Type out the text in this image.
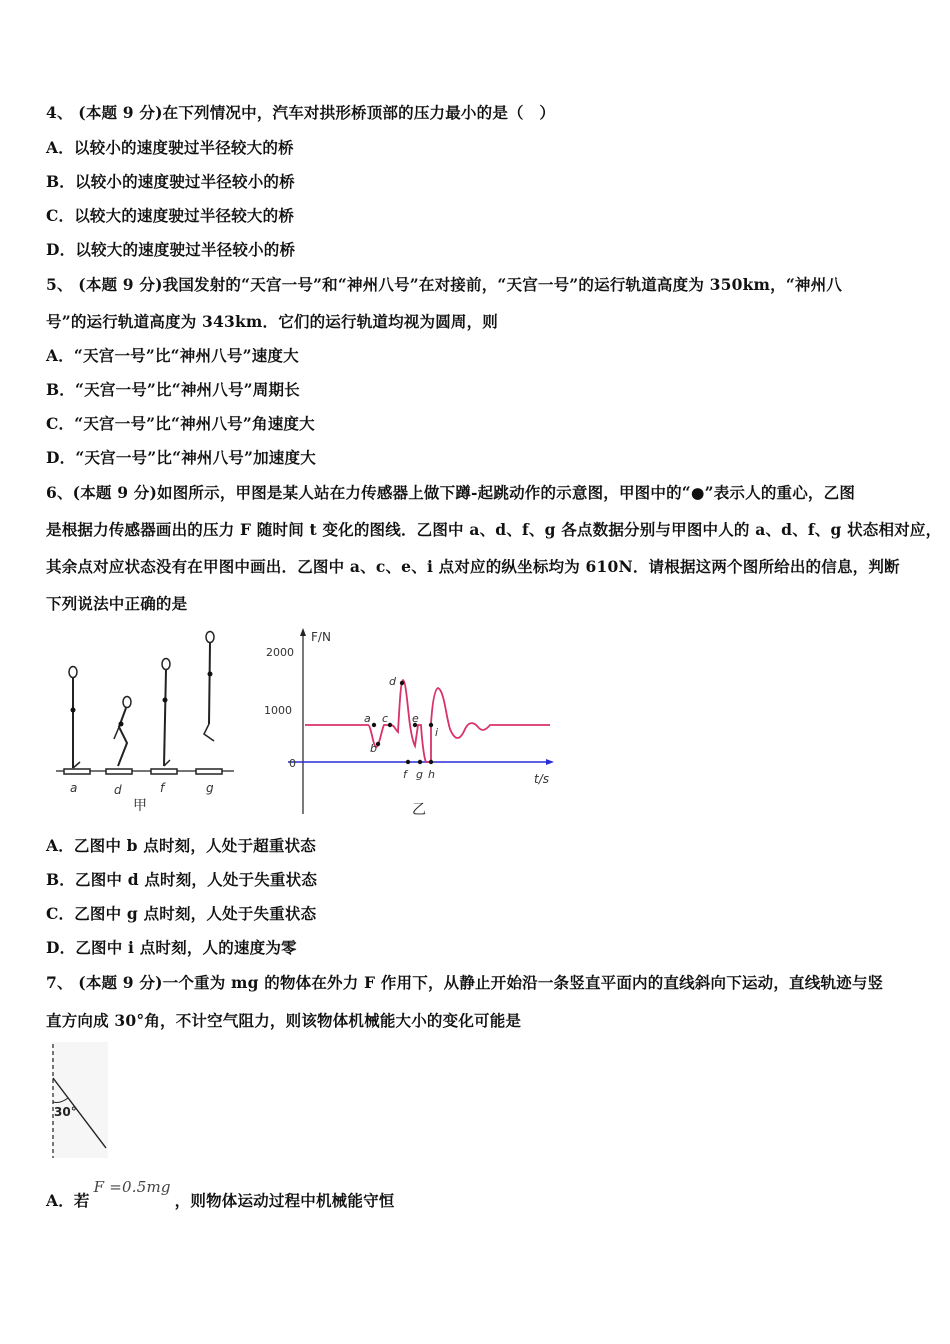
4、 (本题 9 分)在下列情况中，汽车对拱形桥顶部的压力最小的是（　）
A．以较小的速度驶过半径较大的桥
B．以较小的速度驶过半径较小的桥
C．以较大的速度驶过半径较大的桥
D．以较大的速度驶过半径较小的桥
5、 (本题 9 分)我国发射的“天宫一号”和“神州八号”在对接前，“天宫一号”的运行轨道高度为 350km，“神州八
号”的运行轨道高度为 343km．它们的运行轨道均视为圆周，则
A．“天宫一号”比“神州八号”速度大
B．“天宫一号”比“神州八号”周期长
C．“天宫一号”比“神州八号”角速度大
D．“天宫一号”比“神州八号”加速度大
6、(本题 9 分)如图所示，甲图是某人站在力传感器上做下蹲-起跳动作的示意图，甲图中的“●”表示人的重心，乙图
是根据力传感器画出的压力 F 随时间 t 变化的图线．乙图中 a、d、f、g 各点数据分别与甲图中人的 a、d、f、g 状态相对应，
其余点对应状态没有在甲图中画出．乙图中 a、c、e、i 点对应的纵坐标均为 610N．请根据这两个图所给出的信息，判断
下列说法中正确的是
a	d	f	g
甲
F/N
t/s
2000
1000
0
a
b
c
d
e
i
f g h
乙
A．乙图中 b 点时刻，人处于超重状态
B．乙图中 d 点时刻，人处于失重状态
C．乙图中 g 点时刻，人处于失重状态
D．乙图中 i 点时刻，人的速度为零
7、 (本题 9 分)一个重为 mg 的物体在外力 F 作用下，从静止开始沿一条竖直平面内的直线斜向下运动，直线轨迹与竖
直方向成 30°角，不计空气阻力，则该物体机械能大小的变化可能是
30°
A．若F =0.5mg，则物体运动过程中机械能守恒
